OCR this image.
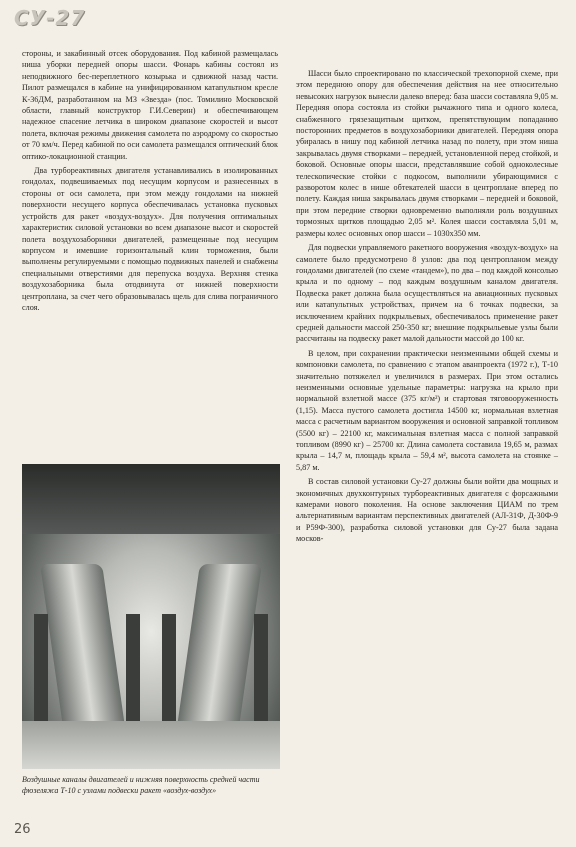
СУ-27

стороны, и закабинный отсек оборудования. Под кабиной размещалась ниша уборки передней опоры шасси. Фонарь кабины состоял из неподвижного бес-переплетного козырька и сдвижной назад части. Пилот размещался в кабине на унифицированном катапультном кресле К-36ДМ, разработанном на МЗ «Звезда» (пос. Томилино Московской области, главный конструктор Г.И.Северин) и обеспечивающем надежное спасение летчика в широком диапазоне скоростей и высот полета, включая режимы движения самолета по аэродрому со скоростью от 70 км/ч. Перед кабиной по оси самолета размещался оптический блок оптико-локационной станции.

Два турбореактивных двигателя устанавливались в изолированных гондолах, подвешиваемых под несущим корпусом и разнесенных в стороны от оси самолета, при этом между гондолами на нижней поверхности несущего корпуса обеспечивалась установка пусковых устройств для ракет «воздух-воздух». Для получения оптимальных характеристик силовой установки во всем диапазоне высот и скоростей полета воздухозаборники двигателей, размещенные под несущим корпусом и имевшие горизонтальный клин торможения, были выполнены регулируемыми с помощью подвижных панелей и снабжены специальными отверстиями для перепуска воздуха. Верхняя стенка воздухозаборника была отодвинута от нижней поверхности центроплана, за счет чего образовывалась щель для слива пограничного слоя.

Воздушные каналы двигателей и нижняя поверхность средней части фюзеляжа Т-10 с узлами подвески ракет «воздух-воздух»

Шасси было спроектировано по классической трехопорной схеме, при этом переднюю опору для обеспечения действия на нее относительно невысоких нагрузок вынесли далеко вперед: база шасси составляла 9,05 м. Передняя опора состояла из стойки рычажного типа и одного колеса, снабженного грязезащитным щитком, препятствующим попаданию посторонних предметов в воздухозаборники двигателей. Передняя опора убиралась в нишу под кабиной летчика назад по полету, при этом ниша закрывалась двумя створками – передней, установленной перед стойкой, и боковой. Основные опоры шасси, представлявшие собой одноколесные телескопические стойки с подкосом, выполнили убирающимися с разворотом колес в нише обтекателей шасси в центроплане вперед по полету. Каждая ниша закрывалась двумя створками – передней и боковой, при этом передние створки одновременно выполняли роль воздушных тормозных щитков площадью 2,05 м². Колея шасси составляла 5,01 м, размеры колес основных опор шасси – 1030x350 мм.

Для подвески управляемого ракетного вооружения «воздух-воздух» на самолете было предусмотрено 8 узлов: два под центропланом между гондолами двигателей (по схеме «тандем»), по два – под каждой консолью крыла и по одному – под каждым воздушным каналом двигателя. Подвеска ракет должна была осуществляться на авиационных пусковых или катапультных устройствах, причем на 6 точках подвески, за исключением крайних подкрыльевых, обеспечивалось применение ракет средней дальности массой 250-350 кг; внешние подкрыльевые узлы были рассчитаны на подвеску ракет малой дальности массой до 100 кг.

В целом, при сохранении практически неизменными общей схемы и компоновки самолета, по сравнению с этапом аванпроекта (1972 г.), Т-10 значительно потяжелел и увеличился в размерах. При этом остались неизменными основные удельные параметры: нагрузка на крыло при нормальной взлетной массе (375 кг/м²) и стартовая тяговооруженность (1,15). Масса пустого самолета достигла 14500 кг, нормальная взлетная масса с расчетным вариантом вооружения и основной заправкой топливом (5500 кг) – 22100 кг, максимальная взлетная масса с полной заправкой топливом (8990 кг) – 25700 кг. Длина самолета составила 19,65 м, размах крыла – 14,7 м, площадь крыла – 59,4 м², высота самолета на стоянке – 5,87 м.

В состав силовой установки Су-27 должны были войти два мощных и экономичных двухконтурных турбореактивных двигателя с форсажными камерами нового поколения. На основе заключения ЦИАМ по трем альтернативным вариантам перспективных двигателей (АЛ-31Ф, Д-30Ф-9 и Р59Ф-300), разработка силовой установки для Су-27 была задана москов-

26
